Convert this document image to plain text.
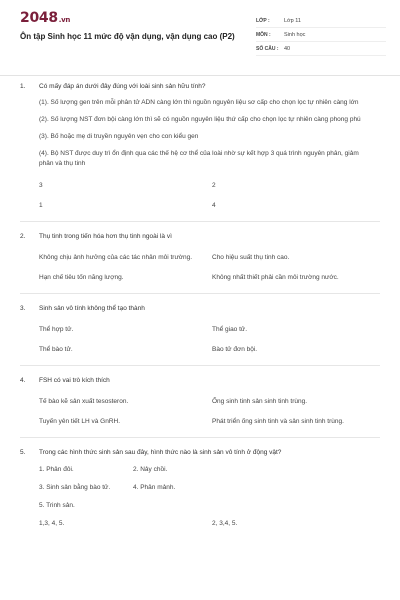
2048.vn
Ôn tập Sinh học 11 mức độ vận dụng, vận dụng cao (P2)
LỚP :	Lớp 11
MÔN :	Sinh học
SỐ CÂU :	40
1. Có mấy đáp án dưới đây đúng với loài sinh sản hữu tính?
(1). Số lượng gen trên mỗi phân tử ADN càng lớn thì nguồn nguyên liệu sơ cấp cho chọn lọc tự nhiên càng lớn
(2). Số lượng NST đơn bội càng lớn thì sẽ có nguồn nguyên liệu thứ cấp cho chọn lọc tự nhiên càng phong phú
(3). Bố hoặc mẹ di truyền nguyên vẹn cho con kiểu gen
(4). Bộ NST được duy trì ổn định qua các thế hệ cơ thể của loài nhờ sự kết hợp 3 quá trình nguyên phân, giảm phân và thụ tinh
3	2
1	4
2. Thụ tinh trong tiến hóa hơn thụ tinh ngoài là vì
Không chịu ảnh hưởng của các tác nhân môi trường.	Cho hiệu suất thụ tinh cao.
Hạn chế tiêu tốn năng lượng.	Không nhất thiết phải cần môi trường nước.
3. Sinh sản vô tính không thể tạo thành
Thể hợp tử.	Thể giao tử.
Thể bào tử.	Bào tử đơn bội.
4. FSH có vai trò kích thích
Tế bào kẽ sản xuất tesosteron.	Ống sinh tinh sản sinh tinh trùng.
Tuyến yên tiết LH và GnRH.	Phát triển ống sinh tinh và sản sinh tinh trùng.
5. Trong các hình thức sinh sản sau đây, hình thức nào là sinh sản vô tính ở động vật?
1. Phân đôi.	2. Nảy chồi.
3. Sinh sản bằng bào tử.	4. Phân mảnh.
5. Trinh sản.
1,3, 4, 5.	2, 3,4, 5.
